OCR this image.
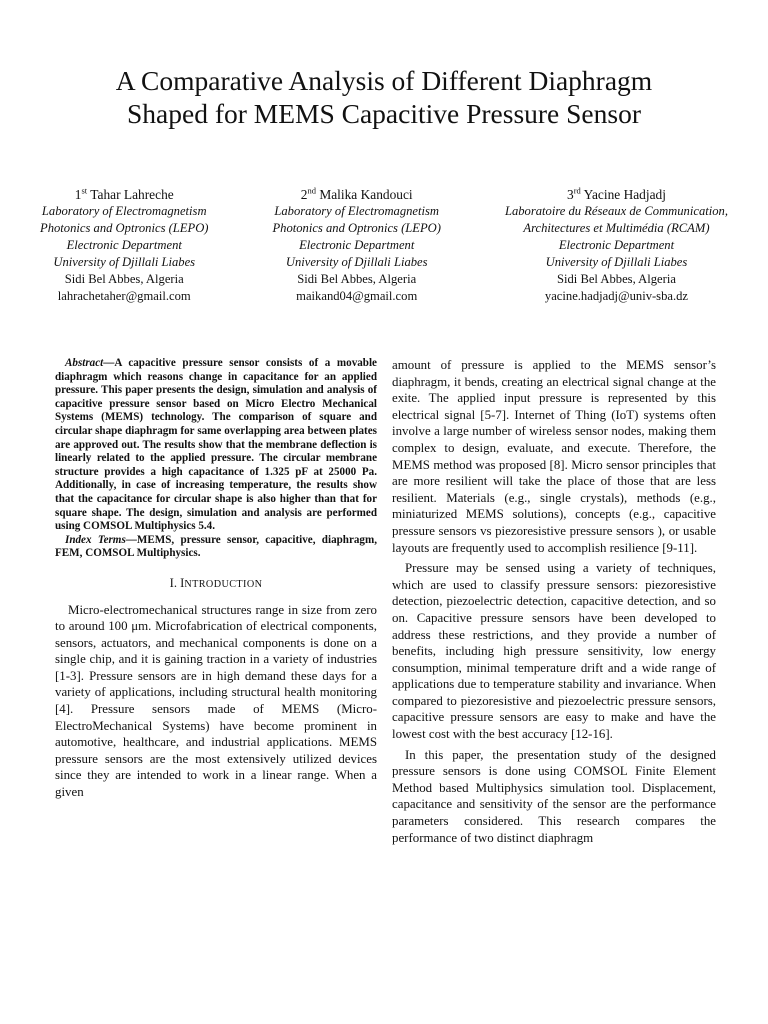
A Comparative Analysis of Different Diaphragm
Shaped for MEMS Capacitive Pressure Sensor
1st Tahar Lahreche
Laboratory of Electromagnetism
Photonics and Optronics (LEPO)
Electronic Department
University of Djillali Liabes
Sidi Bel Abbes, Algeria
lahrachetaher@gmail.com
2nd Malika Kandouci
Laboratory of Electromagnetism
Photonics and Optronics (LEPO)
Electronic Department
University of Djillali Liabes
Sidi Bel Abbes, Algeria
maikand04@gmail.com
3rd Yacine Hadjadj
Laboratoire du Réseaux de Communication,
Architectures et Multimédia (RCAM)
Electronic Department
University of Djillali Liabes
Sidi Bel Abbes, Algeria
yacine.hadjadj@univ-sba.dz

Abstract—A capacitive pressure sensor consists of a movable diaphragm which reasons change in capacitance for an applied pressure. This paper presents the design, simulation and analysis of capacitive pressure sensor based on Micro Electro Mechanical Systems (MEMS) technology. The comparison of square and circular shape diaphragm for same overlapping area between plates are approved out. The results show that the membrane deflection is linearly related to the applied pressure. The circular membrane structure provides a high capacitance of 1.325 pF at 25000 Pa. Additionally, in case of increasing temperature, the results show that the capacitance for circular shape is also higher than that for square shape. The design, simulation and analysis are performed using COMSOL Multiphysics 5.4.

Index Terms—MEMS, pressure sensor, capacitive, diaphragm, FEM, COMSOL Multiphysics.

I. INTRODUCTION

Micro-electromechanical structures range in size from zero to around 100 μm. Microfabrication of electrical components, sensors, actuators, and mechanical components is done on a single chip, and it is gaining traction in a variety of industries [1-3]. Pressure sensors are in high demand these days for a variety of applications, including structural health monitoring [4]. Pressure sensors made of MEMS (Micro-ElectroMechanical Systems) have become prominent in automotive, healthcare, and industrial applications. MEMS pressure sensors are the most extensively utilized devices since they are intended to work in a linear range. When a given

amount of pressure is applied to the MEMS sensor’s diaphragm, it bends, creating an electrical signal change at the exite. The applied input pressure is represented by this electrical signal [5-7]. Internet of Thing (IoT) systems often involve a large number of wireless sensor nodes, making them complex to design, evaluate, and execute. Therefore, the MEMS method was proposed [8]. Micro sensor principles that are more resilient will take the place of those that are less resilient. Materials (e.g., single crystals), methods (e.g., miniaturized MEMS solutions), concepts (e.g., capacitive pressure sensors vs piezoresistive pressure sensors ), or usable layouts are frequently used to accomplish resilience [9-11].

Pressure may be sensed using a variety of techniques, which are used to classify pressure sensors: piezoresistive detection, piezoelectric detection, capacitive detection, and so on. Capacitive pressure sensors have been developed to address these restrictions, and they provide a number of benefits, including high pressure sensitivity, low energy consumption, minimal temperature drift and a wide range of applications due to temperature stability and invariance. When compared to piezoresistive and piezoelectric pressure sensors, capacitive pressure sensors are easy to make and have the lowest cost with the best accuracy [12-16].

In this paper, the presentation study of the designed pressure sensors is done using COMSOL Finite Element Method based Multiphysics simulation tool. Displacement, capacitance and sensitivity of the sensor are the performance parameters considered. This research compares the performance of two distinct diaphragm
